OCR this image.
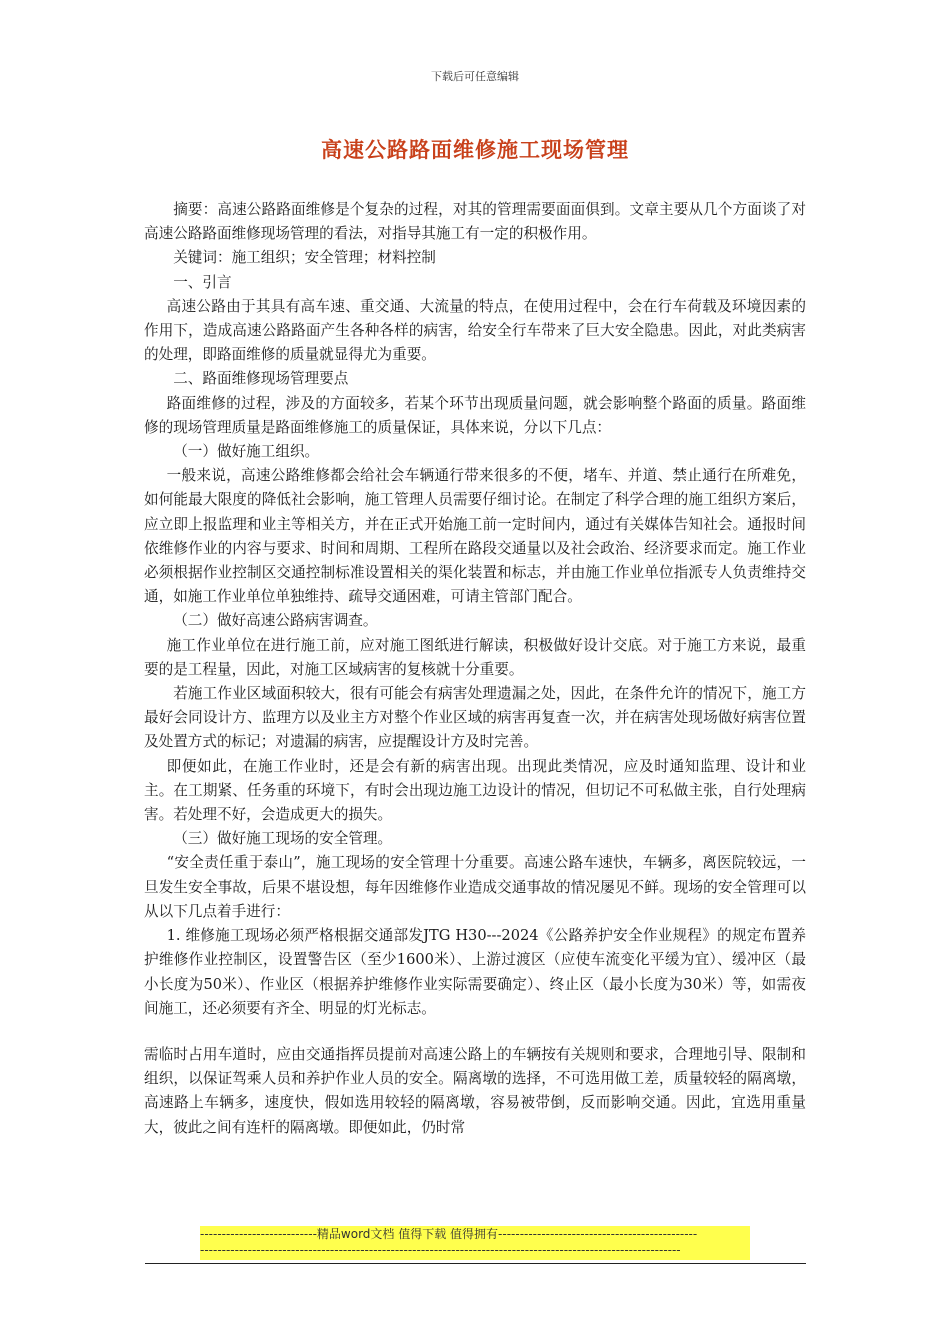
下载后可任意编辑
高速公路路面维修施工现场管理

摘要：高速公路路面维修是个复杂的过程，对其的管理需要面面俱到。文章主要从几个方面谈了对高速公路路面维修现场管理的看法，对指导其施工有一定的积极作用。

关键词：施工组织；安全管理；材料控制

一、引言

高速公路由于其具有高车速、重交通、大流量的特点，在使用过程中，会在行车荷载及环境因素的作用下，造成高速公路路面产生各种各样的病害，给安全行车带来了巨大安全隐患。因此，对此类病害的处理，即路面维修的质量就显得尤为重要。

二、路面维修现场管理要点

路面维修的过程，涉及的方面较多，若某个环节出现质量问题，就会影响整个路面的质量。路面维修的现场管理质量是路面维修施工的质量保证，具体来说，分以下几点：

（一）做好施工组织。

一般来说，高速公路维修都会给社会车辆通行带来很多的不便，堵车、并道、禁止通行在所难免，如何能最大限度的降低社会影响，施工管理人员需要仔细讨论。在制定了科学合理的施工组织方案后，应立即上报监理和业主等相关方，并在正式开始施工前一定时间内，通过有关媒体告知社会。通报时间依维修作业的内容与要求、时间和周期、工程所在路段交通量以及社会政治、经济要求而定。施工作业必须根据作业控制区交通控制标准设置相关的渠化装置和标志，并由施工作业单位指派专人负责维持交通，如施工作业单位单独维持、疏导交通困难，可请主管部门配合。

（二）做好高速公路病害调查。

施工作业单位在进行施工前，应对施工图纸进行解读，积极做好设计交底。对于施工方来说，最重要的是工程量，因此，对施工区域病害的复核就十分重要。

若施工作业区域面积较大，很有可能会有病害处理遗漏之处，因此，在条件允许的情况下，施工方最好会同设计方、监理方以及业主方对整个作业区域的病害再复查一次，并在病害处现场做好病害位置及处置方式的标记；对遗漏的病害，应提醒设计方及时完善。

即便如此，在施工作业时，还是会有新的病害出现。出现此类情况，应及时通知监理、设计和业主。在工期紧、任务重的环境下，有时会出现边施工边设计的情况，但切记不可私做主张，自行处理病害。若处理不好，会造成更大的损失。

（三）做好施工现场的安全管理。

“安全责任重于泰山”，施工现场的安全管理十分重要。高速公路车速快，车辆多，离医院较远，一旦发生安全事故，后果不堪设想，每年因维修作业造成交通事故的情况屡见不鲜。现场的安全管理可以从以下几点着手进行：

1. 维修施工现场必须严格根据交通部发JTG H30---2024《公路养护安全作业规程》的规定布置养护维修作业控制区，设置警告区（至少1600米）、上游过渡区（应使车流变化平缓为宜）、缓冲区（最小长度为50米）、作业区（根据养护维修作业实际需要确定）、终止区（最小长度为30米）等，如需夜间施工，还必须要有齐全、明显的灯光标志。

需临时占用车道时，应由交通指挥员提前对高速公路上的车辆按有关规则和要求，合理地引导、限制和组织，以保证驾乘人员和养护作业人员的安全。隔离墩的选择，不可选用做工差，质量较轻的隔离墩，高速路上车辆多，速度快，假如选用较轻的隔离墩，容易被带倒，反而影响交通。因此，宜选用重量大，彼此之间有连杆的隔离墩。即便如此，仍时常

---------------------------精品word文档 值得下载 值得拥有----------------------------------------------
---------------------------------------------------------------------------------------------------------------
